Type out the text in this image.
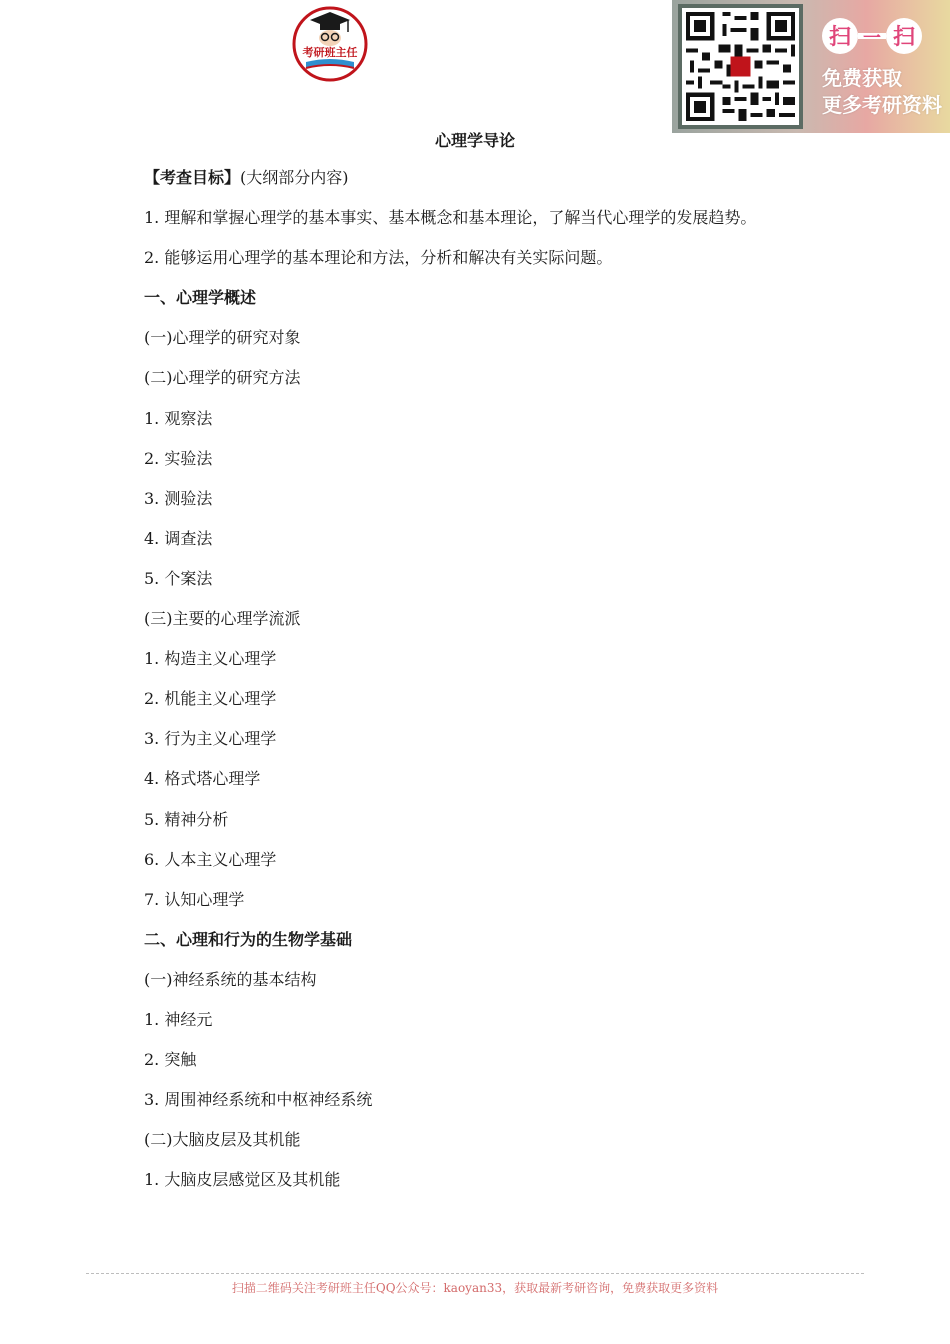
考研班主任
扫 一 扫
免费获取
更多考研资料
心理学导论
【考查目标】(大纲部分内容)
1. 理解和掌握心理学的基本事实、基本概念和基本理论，了解当代心理学的发展趋势。
2. 能够运用心理学的基本理论和方法，分析和解决有关实际问题。
一、心理学概述
(一)心理学的研究对象
(二)心理学的研究方法
1. 观察法
2. 实验法
3. 测验法
4. 调查法
5. 个案法
(三)主要的心理学流派
1. 构造主义心理学
2. 机能主义心理学
3. 行为主义心理学
4. 格式塔心理学
5. 精神分析
6. 人本主义心理学
7. 认知心理学
二、心理和行为的生物学基础
(一)神经系统的基本结构
1. 神经元
2. 突触
3. 周围神经系统和中枢神经系统
(二)大脑皮层及其机能
1. 大脑皮层感觉区及其机能
扫描二维码关注考研班主任QQ公众号：kaoyan33，获取最新考研咨询，免费获取更多资料
